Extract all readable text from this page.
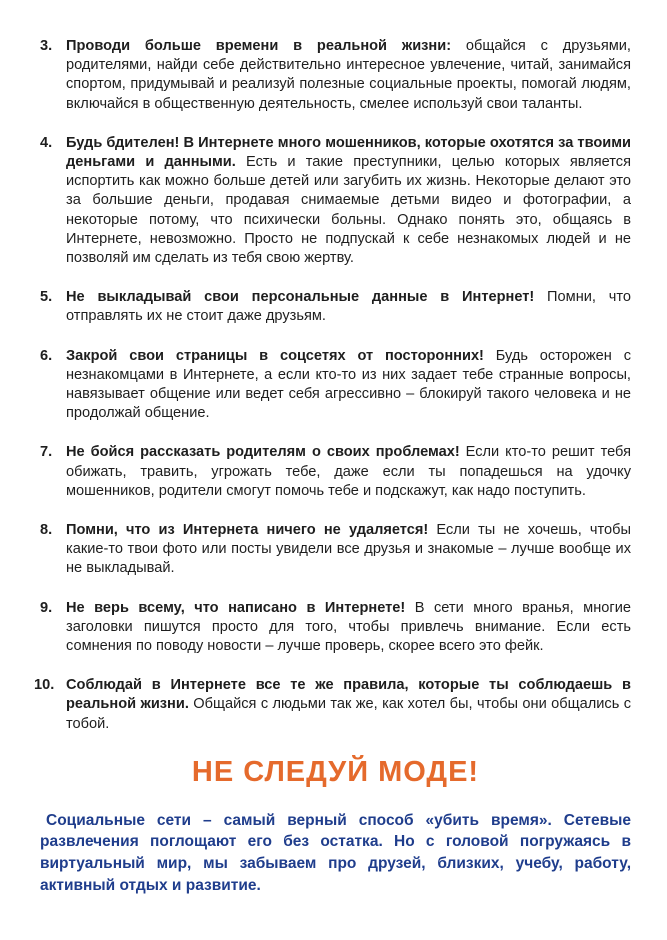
3. Проводи больше времени в реальной жизни: общайся с друзьями, родителями, найди себе действительно интересное увлечение, читай, занимайся спортом, придумывай и реализуй полезные социальные проекты, помогай людям, включайся в общественную деятельность, смелее используй свои таланты.
4. Будь бдителен! В Интернете много мошенников, которые охотятся за твоими деньгами и данными. Есть и такие преступники, целью которых является испортить как можно больше детей или загубить их жизнь. Некоторые делают это за большие деньги, продавая снимаемые детьми видео и фотографии, а некоторые потому, что психически больны. Однако понять это, общаясь в Интернете, невозможно. Просто не подпускай к себе незнакомых людей и не позволяй им сделать из тебя свою жертву.
5. Не выкладывай свои персональные данные в Интернет! Помни, что отправлять их не стоит даже друзьям.
6. Закрой свои страницы в соцсетях от посторонних! Будь осторожен с незнакомцами в Интернете, а если кто-то из них задает тебе странные вопросы, навязывает общение или ведет себя агрессивно – блокируй такого человека и не продолжай общение.
7. Не бойся рассказать родителям о своих проблемах! Если кто-то решит тебя обижать, травить, угрожать тебе, даже если ты попадешься на удочку мошенников, родители смогут помочь тебе и подскажут, как надо поступить.
8. Помни, что из Интернета ничего не удаляется! Если ты не хочешь, чтобы какие-то твои фото или посты увидели все друзья и знакомые – лучше вообще их не выкладывай.
9. Не верь всему, что написано в Интернете! В сети много вранья, многие заголовки пишутся просто для того, чтобы привлечь внимание. Если есть сомнения по поводу новости – лучше проверь, скорее всего это фейк.
10. Соблюдай в Интернете все те же правила, которые ты соблюдаешь в реальной жизни. Общайся с людьми так же, как хотел бы, чтобы они общались с тобой.
НЕ СЛЕДУЙ МОДЕ!

Социальные сети – самый верный способ «убить время». Сетевые развлечения поглощают его без остатка. Но с головой погружаясь в виртуальный мир, мы забываем про друзей, близких, учебу, работу, активный отдых и развитие.
